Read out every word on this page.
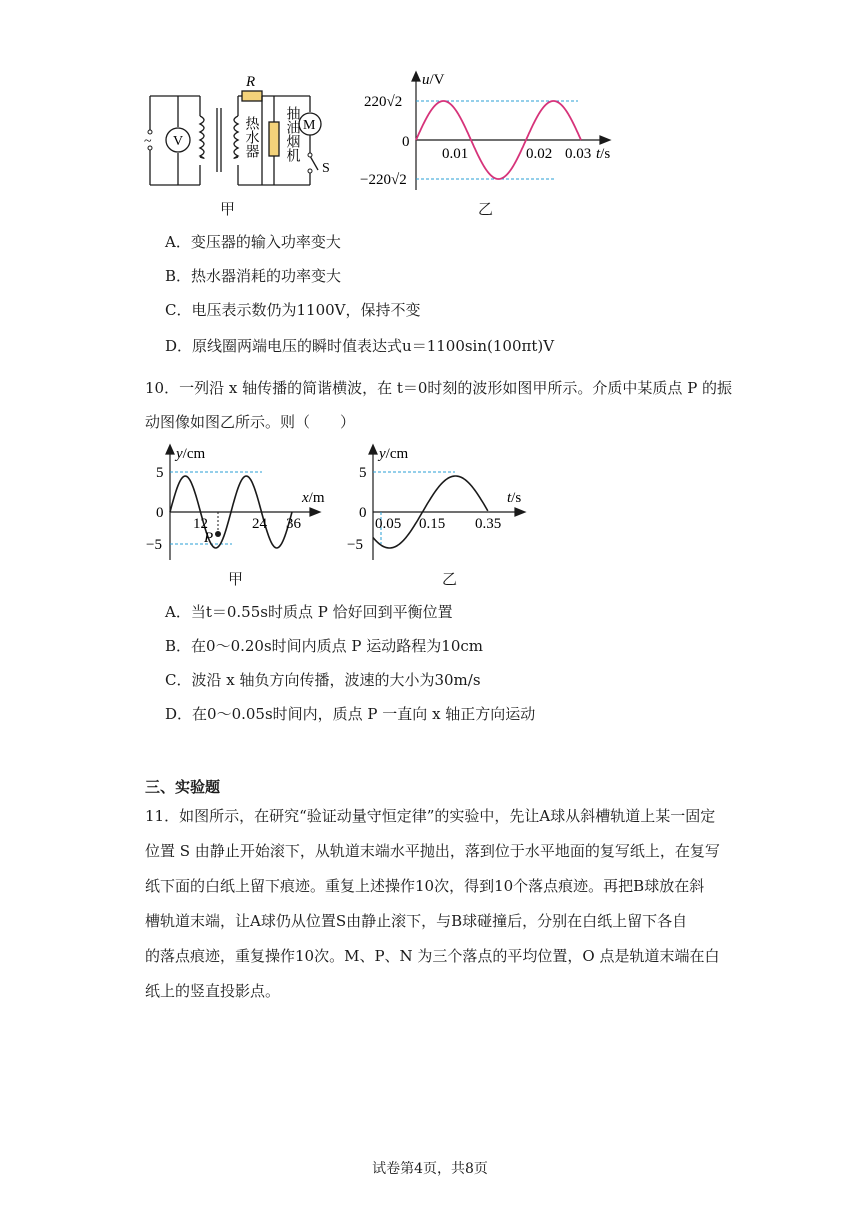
~ V
R
M
S
热水器 抽油烟机
甲
u/V
t/s
220√2
−220√2
0
0.01	0.02 0.03
乙
A．变压器的输入功率变大
B．热水器消耗的功率变大
C．电压表示数仍为1100V，保持不变
D．原线圈两端电压的瞬时值表达式u＝1100sin(100πt)V
10．一列沿 x 轴传播的简谐横波，在 t＝0时刻的波形如图甲所示。介质中某质点 P 的振
动图像如图乙所示。则（　　）
y/cm
x/m
5
0
−5
12	24 36
P
甲
y/cm
t/s
5
0
−5
0.05 0.15 0.35
乙
A．当t＝0.55s时质点 P 恰好回到平衡位置
B．在0～0.20s时间内质点 P 运动路程为10cm
C．波沿 x 轴负方向传播，波速的大小为30m/s
D．在0～0.05s时间内，质点 P 一直向 x 轴正方向运动
三、实验题
11．如图所示，在研究“验证动量守恒定律”的实验中，先让A球从斜槽轨道上某一固定
位置 S 由静止开始滚下，从轨道末端水平抛出，落到位于水平地面的复写纸上，在复写
纸下面的白纸上留下痕迹。重复上述操作10次，得到10个落点痕迹。再把B球放在斜
槽轨道末端，让A球仍从位置S由静止滚下，与B球碰撞后，分别在白纸上留下各自
的落点痕迹，重复操作10次。M、P、N 为三个落点的平均位置，O 点是轨道末端在白
纸上的竖直投影点。
试卷第4页，共8页
